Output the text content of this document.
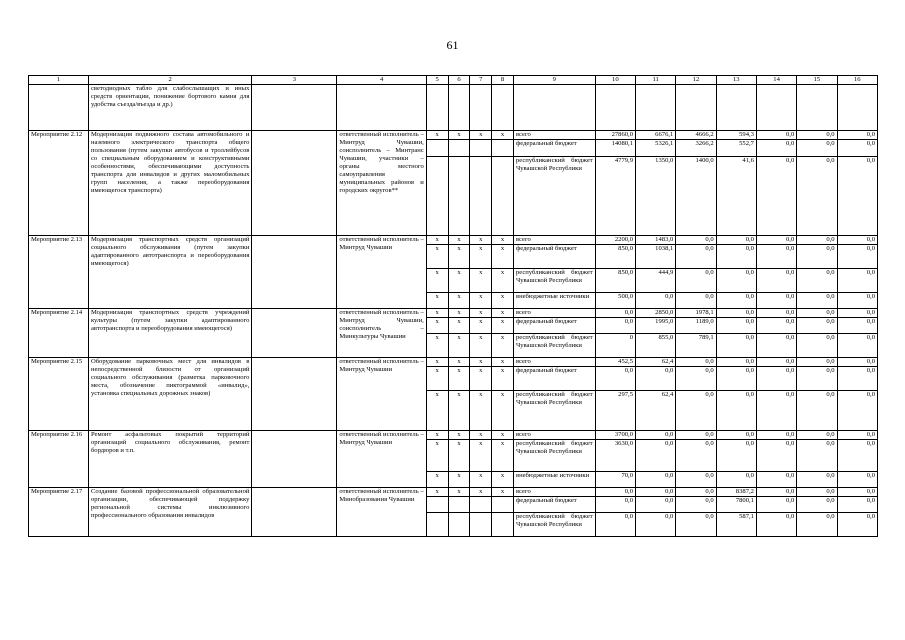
61
1	2	3	4	5	6	7	8	9	10	11	12	13	14	15	16
	светодиодных табло для слабослышащих и иных средств ориентации, понижение бортового камня для удобства съезда/въезда и др.)														
Мероприятие 2.12	Модернизация подвижного состава автомобильного и наземного электрического транспорта общего пользования (путем закупки автобусов и троллейбусов со специальным оборудованием и конструктивными особенностями, обеспечивающими доступность транспорта для инвалидов и других маломобильных групп населения, а также переоборудования имеющегося транспорта)		ответственный исполнитель – Минтруд Чувашии, соисполнитель – Минтранс Чувашии, участники – органы местного самоуправления муниципальных районов и городских округов**	х	х	х	х	всего	27860,0	6676,1	4666,2	594,3	0,0	0,0	0,0
								федеральный бюджет	14080,1	5326,1	3266,2	552,7	0,0	0,0	0,0
								республиканский бюджет Чувашской Республики	4779,9	1350,0	1400,0	41,6	0,0	0,0	0,0
Мероприятие 2.13	Модернизация транспортных средств организаций социального обслуживания (путем закупки адаптированного автотранспорта и переоборудования имеющегося)		ответственный исполнитель – Минтруд Чувашии	х	х	х	х	всего	2200,0	1483,0	0,0	0,0	0,0	0,0	0,0
				х	х	х	х	федеральный бюджет	850,0	1038,1	0,0	0,0	0,0	0,0	0,0
				х	х	х	х	республиканский бюджет Чувашской Республики	850,0	444,9	0,0	0,0	0,0	0,0	0,0
				х	х	х	х	внебюджетные источники	500,0	0,0	0,0	0,0	0,0	0,0	0,0
Мероприятие 2.14	Модернизация транспортных средств учреждений культуры (путем закупки адаптированного автотранспорта и переоборудования имеющегося)		ответственный исполнитель – Минтруд Чувашии, соисполнитель – Минкультуры Чувашии	х	х	х	х	всего	0,0	2850,0	1978,1	0,0	0,0	0,0	0,0
				х	х	х	х	федеральный бюджет	0,0	1995,0	1189,0	0,0	0,0	0,0	0,0
				х	х	х	х	республиканский бюджет Чувашской Республики	0	855,0	789,1	0,0	0,0	0,0	0,0
Мероприятие 2.15	Оборудование парковочных мест для инвалидов в непосредственной близости от организаций социального обслуживания (разметка парковочного места, обозначение пиктограммой «инвалид», установка специальных дорожных знаков)		ответственный исполнитель – Минтруд Чувашии	х	х	х	х	всего	452,5	62,4	0,0	0,0	0,0	0,0	0,0
				х	х	х	х	федеральный бюджет	0,0	0,0	0,0	0,0	0,0	0,0	0,0
				х	х	х	х	республиканский бюджет Чувашской Республики	297,5	62,4	0,0	0,0	0,0	0,0	0,0
Мероприятие 2.16	Ремонт асфальтовых покрытий территорий организаций социального обслуживания, ремонт бордюров и т.п.		ответственный исполнитель – Минтруд Чувашии	х	х	х	х	всего	3700,0	0,0	0,0	0,0	0,0	0,0	0,0
				х	х	х	х	республиканский бюджет Чувашской Республики	3630,0	0,0	0,0	0,0	0,0	0,0	0,0
				х	х	х	х	внебюджетные источники	70,0	0,0	0,0	0,0	0,0	0,0	0,0
Мероприятие 2.17	Создание базовой профессиональной образовательной организации, обеспечивающей поддержку региональной системы инклюзивного профессионального образования инвалидов		ответственный исполнитель – Минобразования Чувашии	х	х	х	х	всего	0,0	0,0	0,0	8387,2	0,0	0,0	0,0
								федеральный бюджет	0,0	0,0	0,0	7800,1	0,0	0,0	0,0
								республиканский бюджет Чувашской Республики	0,0	0,0	0,0	587,1	0,0	0,0	0,0
